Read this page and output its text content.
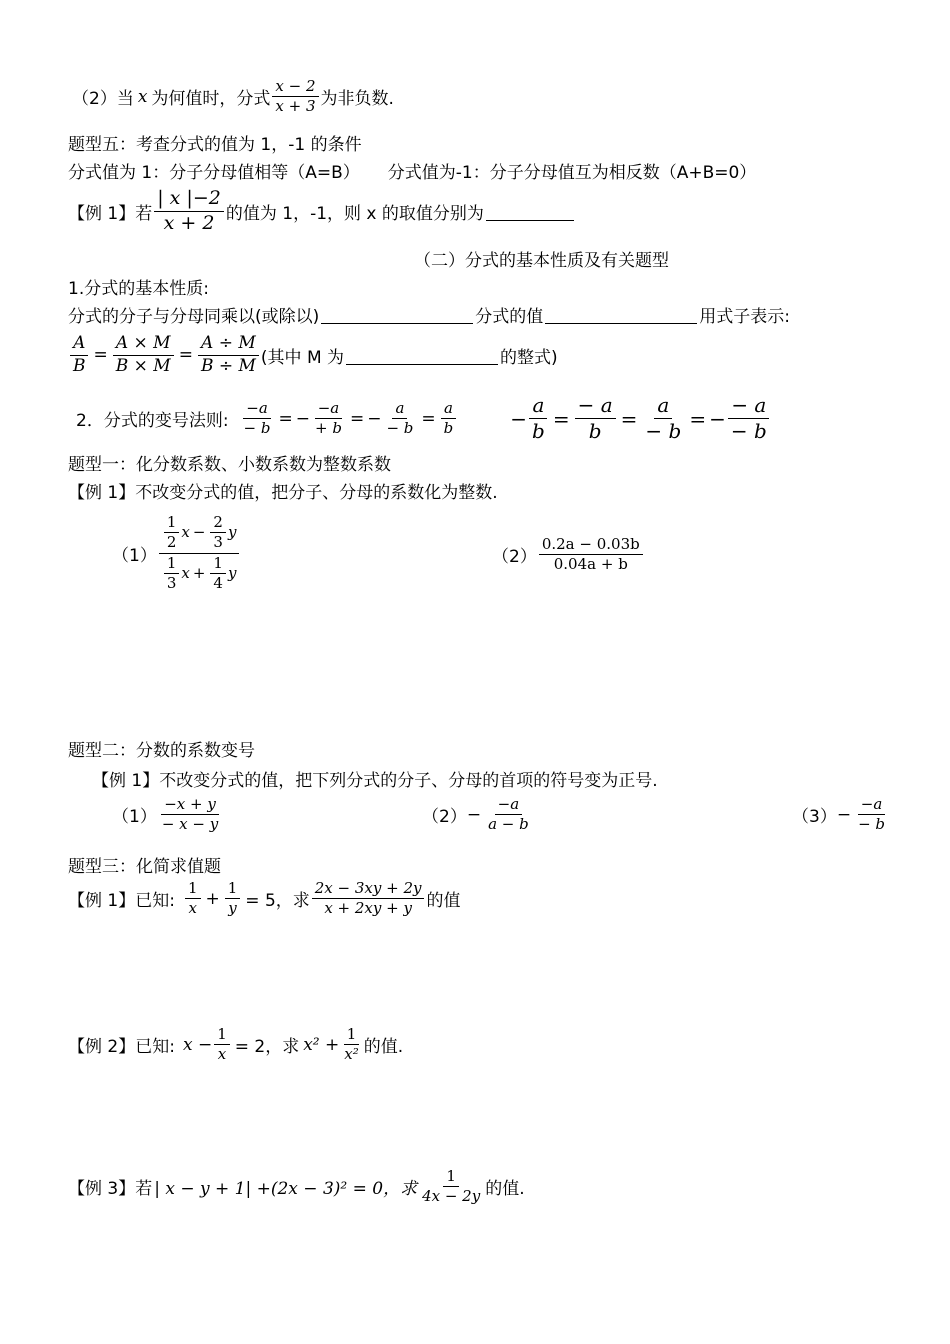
（2）当 x 为何值时，分式 $\frac{x - 2}{x + 3}$ 为非负数.
题型五：考查分式的值为 1，-1 的条件
分式值为 1：分子分母值相等（A=B） 分式值为-1：分子分母值互为相反数（A+B=0）
【例 1】若 $\frac{| x |-2}{x + 2}$ 的值为 1，-1，则 x 的取值分别为
（二）分式的基本性质及有关题型
1.分式的基本性质:
分式的分子与分母同乘以(或除以)	分式的值	用式子表示:
$\frac{A}{B} = \frac{A \times M}{B \times M} = \frac{A \div M}{B \div M}$ (其中 M 为	的整式)
2．分式的变号法则: $\frac{-a}{- b}$ = − $\frac{-a}{+ b}$ = − $\frac{a}{- b} = \frac{a}{b}$	− $\frac{a}{b} = \frac{- a}{b} = \frac{a}{- b}$ = − $\frac{- a}{- b}$
题型一：化分数系数、小数系数为整数系数
【例 1】不改变分式的值，把分子、分母的系数化为整数.
$(1) \frac{\frac{1}{2} x - \frac{2}{3} y}{\frac{1}{3} x + \frac{1}{4} y}$	$(2) \frac{0.2a - 0.03b}{0.04a + b}$
题型二：分数的系数变号
【例 1】不改变分式的值，把下列分式的分子、分母的首项的符号变为正号.
$(1) \frac{-x + y}{- x - y}$	$(2) - \frac{-a}{a - b}$	$(3) - \frac{-a}{- b}$
题型三：化简求值题
【例 1】已知: $\frac{1}{x} + \frac{1}{y} = 5$，求 $\frac{2x - 3xy + 2y}{x + 2xy + y}$ 的值
【例 2】已知: $x - \frac{1}{x} = 2$，求 $x^2 + \frac{1}{\text{x²}}$ 的值.
【例 3】若 | x − y + 1| +(2x − 3)² = 0，求 $\frac{1}{4x - 2y}$ 的值.
